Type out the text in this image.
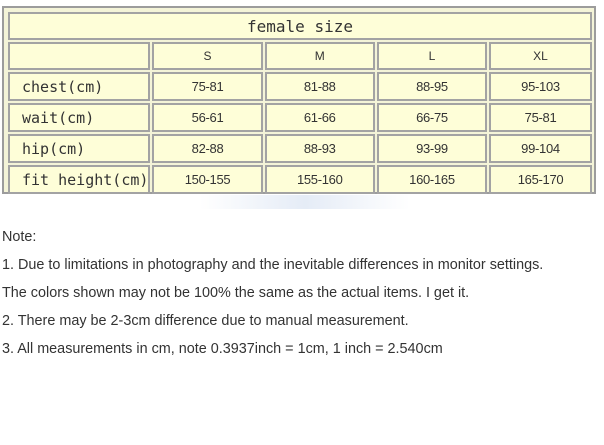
female size				
	S	M	L	XL
chest(cm)	75-81	81-88	88-95	95-103
wait(cm)	56-61	61-66	66-75	75-81
hip(cm)	82-88	88-93	93-99	99-104
fit height(cm)	150-155	155-160	160-165	165-170
Note:
1. Due to limitations in photography and the inevitable differences in monitor settings.
The colors shown may not be 100% the same as the actual items. I get it.
2. There may be 2-3cm difference due to manual measurement.
3. All measurements in cm, note 0.3937inch = 1cm, 1 inch = 2.540cm
